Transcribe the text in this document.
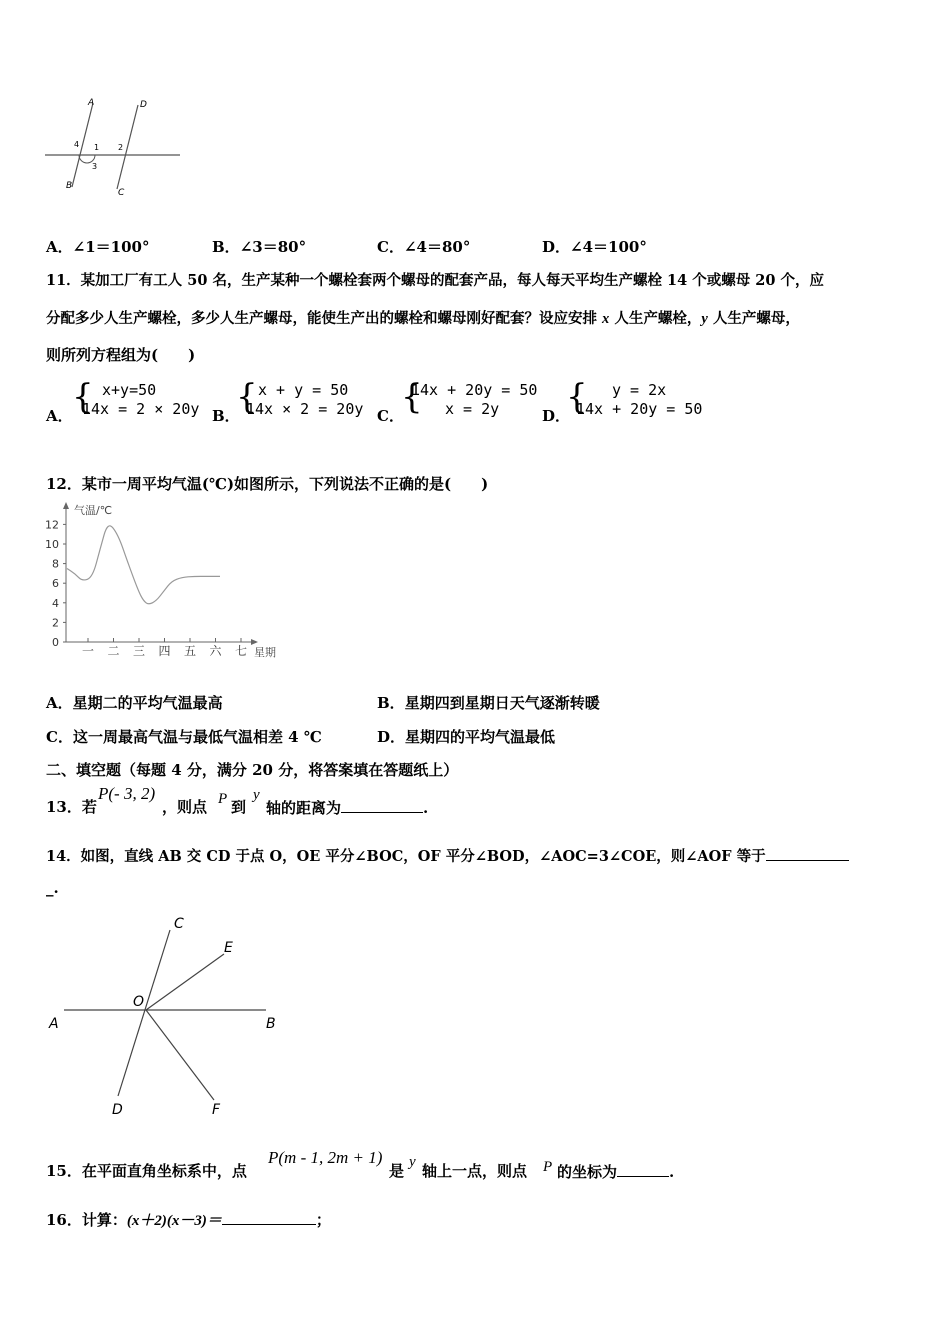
A
B
C
D
1 2
3
4
A．∠1＝100°	B．∠3＝80°	C．∠4＝80°	D．∠4＝100°
11．某加工厂有工人 50 名，生产某种一个螺栓套两个螺母的配套产品，每人每天平均生产螺栓 14 个或螺母 20 个，应
分配多少人生产螺栓，多少人生产螺母，能使生产出的螺栓和螺母刚好配套？设应安排 x 人生产螺栓，y 人生产螺母，
则所列方程组为(　　)
A． { x+y=50
14x = 2 × 20y B．
{ x + y = 50
14x × 2 = 20y C．
{
14x + 20y = 50
x = 2y	D．
{	y = 2x
14x + 20y = 50
12．某市一周平均气温(℃)如图所示，下列说法不正确的是(　　)
气温/℃
星期
0
2
4
6
8
10
12
一 二 三 四 五 六 七
A．星期二的平均气温最高	B．星期四到星期日天气逐渐转暖
C．这一周最高气温与最低气温相差 4 ℃	D．星期四的平均气温最低
二、填空题（每题 4 分，满分 20 分，将答案填在答题纸上）
13．若
P(- 3, 2)
，则点 P 到
y
轴的距离为	.
14．如图，直线 AB 交 CD 于点 O，OE 平分∠BOC，OF 平分∠BOD，∠AOC=3∠COE，则∠AOF 等于
_.
A	B
C
D
E
F
O
15．在平面直角坐标系中，点
P(m - 1, 2m + 1)
是 y 轴上一点，则点 P 的坐标为	.
16．计算：(x＋2)(x－3)＝	；
